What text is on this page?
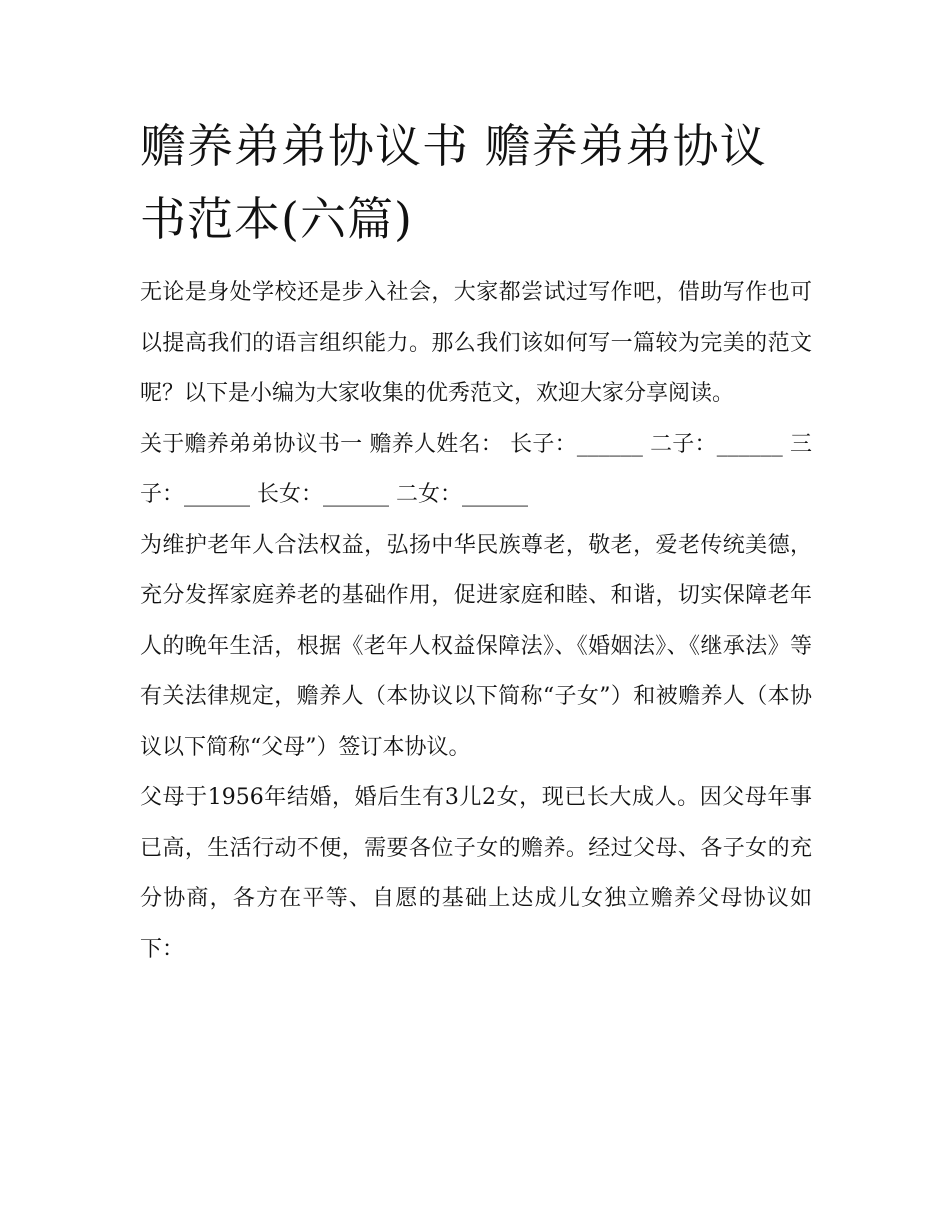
赡养弟弟协议书 赡养弟弟协议书范本(六篇)

无论是身处学校还是步入社会，大家都尝试过写作吧，借助写作也可以提高我们的语言组织能力。那么我们该如何写一篇较为完美的范文呢？以下是小编为大家收集的优秀范文，欢迎大家分享阅读。

关于赡养弟弟协议书一 赡养人姓名： 长子：______ 二子：______ 三子：______ 长女：______ 二女：______

为维护老年人合法权益，弘扬中华民族尊老，敬老，爱老传统美德，充分发挥家庭养老的基础作用，促进家庭和睦、和谐，切实保障老年人的晚年生活，根据《老年人权益保障法》、《婚姻法》、《继承法》等有关法律规定，赡养人（本协议以下简称“子女”）和被赡养人（本协议以下简称“父母”）签订本协议。

父母于1956年结婚，婚后生有3儿2女，现已长大成人。因父母年事已高，生活行动不便，需要各位子女的赡养。经过父母、各子女的充分协商，各方在平等、自愿的基础上达成儿女独立赡养父母协议如下：
